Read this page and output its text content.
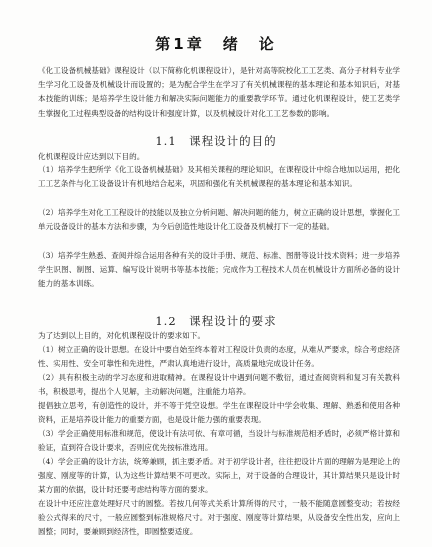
第1章　绪　论

《化工设备机械基础》课程设计（以下简称化机课程设计），是针对高等院校化工工艺类、高分子材料专业学生学习化工设备及机械设计而设置的；是为配合学生在学习了有关机械课程的基本理论和基本知识后，对基本技能的训练；是培养学生设计能力和解决实际问题能力的重要教学环节。通过化机课程设计，使工艺类学生掌握化工过程典型设备的结构设计和强度计算，以及机械设计对化工工艺参数的影响。

1.1　课程设计的目的

化机课程设计应达到以下目的。

（1）培养学生把所学《化工设备机械基础》及其相关课程的理论知识，在课程设计中综合地加以运用，把化工工艺条件与化工设备设计有机地结合起来，巩固和强化有关机械课程的基本理论和基本知识。

（2）培养学生对化工工程设计的技能以及独立分析问题、解决问题的能力，树立正确的设计思想，掌握化工单元设备设计的基本方法和步骤，为今后创造性地设计化工设备及机械打下一定的基础。

（3）培养学生熟悉、查阅并综合运用各种有关的设计手册、规范、标准、图册等设计技术资料；进一步培养学生识图、制图、运算、编写设计说明书等基本技能；完成作为工程技术人员在机械设计方面所必备的设计能力的基本训练。

1.2　课程设计的要求

为了达到以上目的，对化机课程设计的要求如下。

（1）树立正确的设计思想。在设计中要自始至终本着对工程设计负责的态度，从难从严要求，综合考虑经济性、实用性、安全可靠性和先进性，严肃认真地进行设计，高质量地完成设计任务。

（2）具有积极主动的学习态度和进取精神。在课程设计中遇到问题不敷衍，通过查阅资料和复习有关教科书，积极思考，提出个人见解，主动解决问题，注重能力培养。

提倡独立思考，有创造性的设计，并不等于凭空设想。学生在课程设计中学会收集、理解、熟悉和使用各种资料，正是培养设计能力的重要方面，也是设计能力强的重要表现。

（3）学会正确使用标准和规范，使设计有法可依、有章可循，当设计与标准规范相矛盾时，必须严格计算和验证，直到符合设计要求，否则应优先按标准选用。

（4）学会正确的设计方法，统筹兼顾，抓主要矛盾。对于初学设计者，往往把设计片面的理解为是理论上的强度、刚度等的计算，认为这些计算结果不可更改。实际上，对于设备的合理设计，其计算结果只是设计时某方面的依据，设计时还要考虑结构等方面的要求。

在设计中还应注意处理好尺寸的圆整。若按几何等式关系计算所得的尺寸，一般不能随意圆整变动；若按经验公式得来的尺寸，一般应圆整到标准规格尺寸。对于强度、刚度等计算结果，从设备安全性出发，应向上圆整；同时，要兼顾到经济性，即圆整要适度。
